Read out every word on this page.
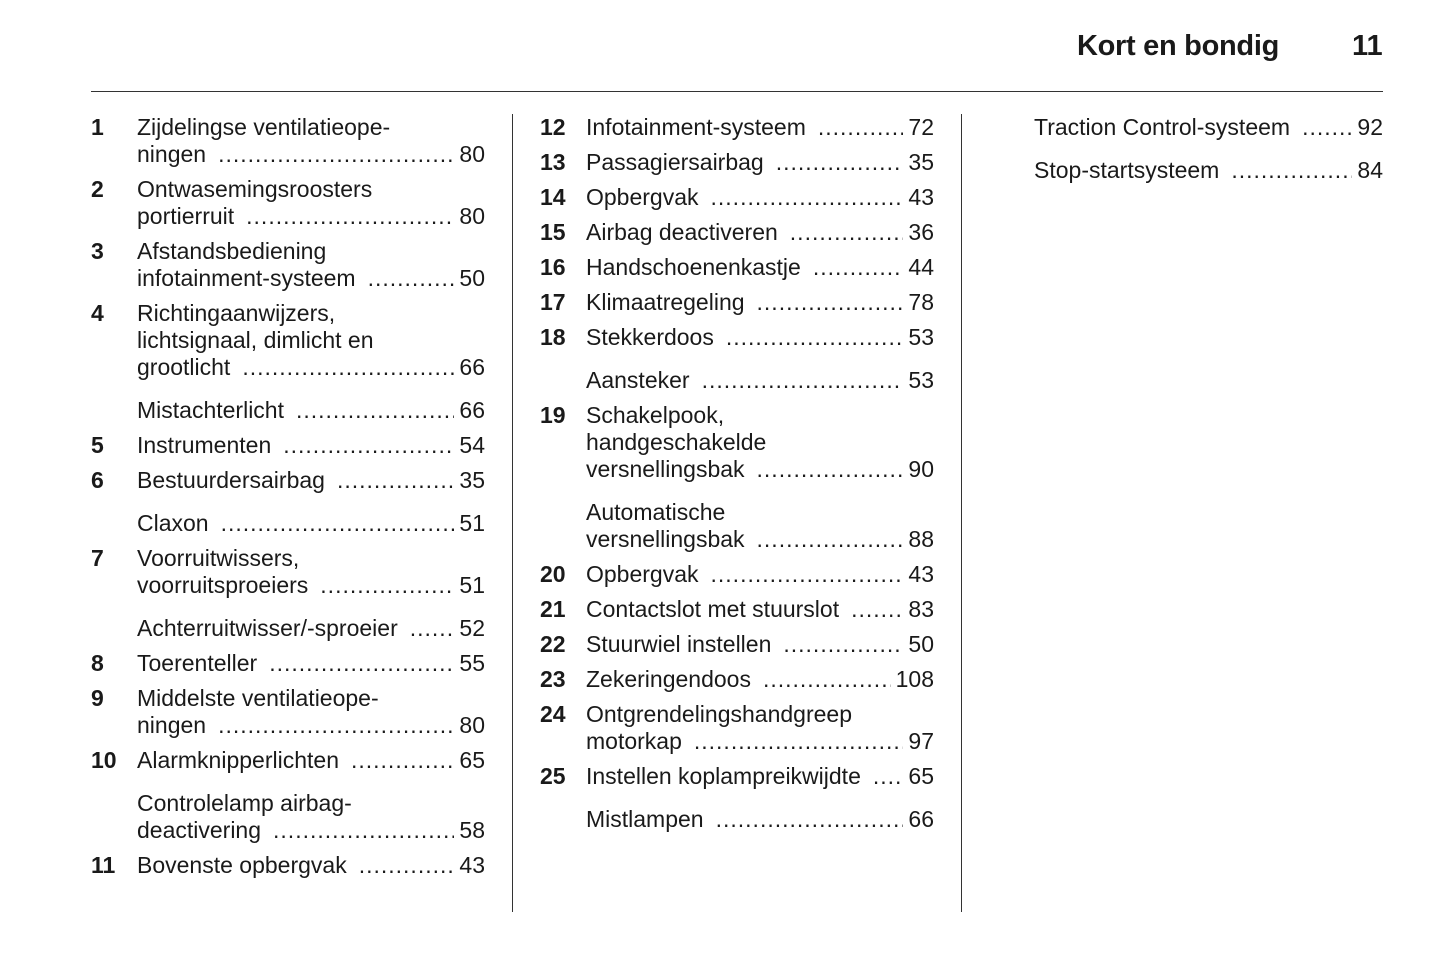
Kort en bondig	11
1 Zijdelingse ventilatieope-
ningen .....	80
2 Ontwasemingsroosters
portierruit .....	80
3 Afstandsbediening
infotainment-systeem .....	50
4 Richtingaanwijzers,
lichtsignaal, dimlicht en
grootlicht .....	66
Mistachterlicht .....	66
5 Instrumenten .....	54
6 Bestuurdersairbag .....	35
Claxon .....	51
7 Voorruitwissers,
voorruitsproeiers .....	51
Achterruitwisser/-sproeier .....	52
8 Toerenteller .....	55
9 Middelste ventilatieope-
ningen .....	80
10 Alarmknipperlichten .....	65
Controlelamp airbag-
deactivering .....	58
11 Bovenste opbergvak .....	43
12 Infotainment-systeem .....	72
13 Passagiersairbag .....	35
14 Opbergvak .....	43
15 Airbag deactiveren .....	36
16 Handschoenenkastje .....	44
17 Klimaatregeling .....	78
18 Stekkerdoos .....	53
Aansteker .....	53
19 Schakelpook,
handgeschakelde
versnellingsbak .....	90
Automatische
versnellingsbak .....	88
20 Opbergvak .....	43
21 Contactslot met stuurslot .....	83
22 Stuurwiel instellen .....	50
23 Zekeringendoos .....	108
24 Ontgrendelingshandgreep
motorkap .....	97
25 Instellen koplampreikwijdte ..... 65
Mistlampen .....	66
Traction Control-systeem .....	92
Stop-startsysteem .....	84
